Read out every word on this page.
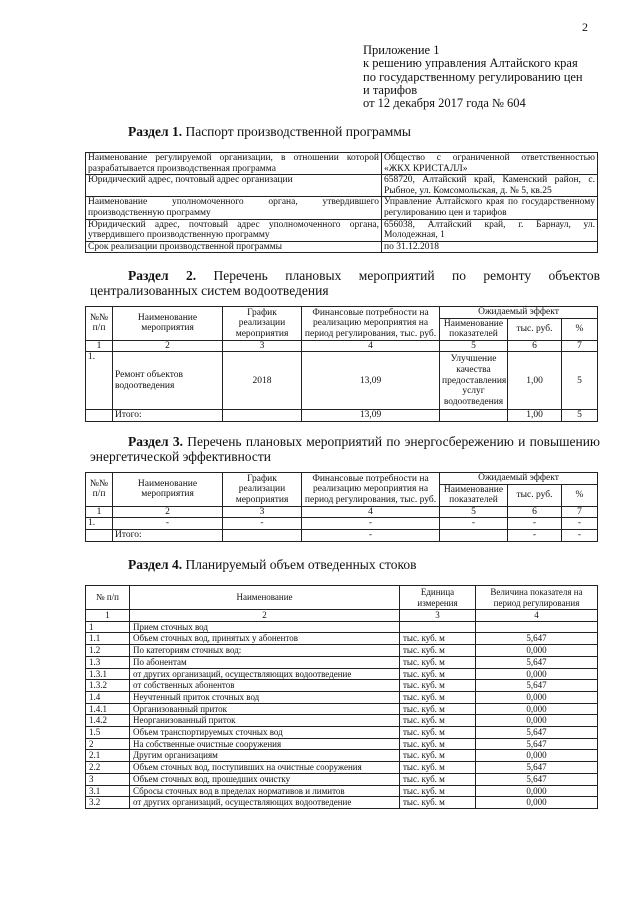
2
Приложение 1
к решению управления Алтайского края
по государственному регулированию цен
и тарифов
от 12 декабря 2017 года № 604
Раздел 1. Паспорт производственной программы
Наименование регулируемой организации, в отношении которой разрабатывается производственная программа	Общество с ограниченной ответственностью «ЖКХ КРИСТАЛЛ»
Юридический адрес, почтовый адрес организации	658720, Алтайский край, Каменский район, с. Рыбное, ул. Комсомольская, д. № 5, кв.25
Наименование уполномоченного органа, утвердившего производственную программу	Управление Алтайского края по государственному регулированию цен и тарифов
Юридический адрес, почтовый адрес уполномоченного органа, утвердившего производственную программу	656038, Алтайский край, г. Барнаул, ул. Молодежная, 1
Срок реализации производственной программы	по 31.12.2018
Раздел 2. Перечень плановых мероприятий по ремонту объектов централизованных систем водоотведения
№№ п/п	Наименование мероприятия	График реализации мероприятия	Финансовые потребности на реализацию мероприятия на период регулирования, тыс. руб.	Ожидаемый эффект		
				Наименование показателей	тыс. руб.	%
1	2	3	4	5	6	7
1.	Ремонт объектов водоотведения	2018	13,09	Улучшение качества предоставления услуг водоотведения	1,00	5
	Итого:		13,09		1,00	5
Раздел 3. Перечень плановых мероприятий по энергосбережению и повышению энергетической эффективности
№№ п/п	Наименование мероприятия	График реализации мероприятия	Финансовые потребности на реализацию мероприятия на период регулирования, тыс. руб.	Ожидаемый эффект		
				Наименование показателей	тыс. руб.	%
1	2	3	4	5	6	7
1.	-	-	-	-	-	-
	Итого:		-		-	-
Раздел 4. Планируемый объем отведенных стоков
№ п/п	Наименование	Единица измерения	Величина показателя на период регулирования
1	2	3	4
1	Прием сточных вод		
1.1	Объем сточных вод, принятых у абонентов	тыс. куб. м	5,647
1.2	По категориям сточных вод:	тыс. куб. м	0,000
1.3	По абонентам	тыс. куб. м	5,647
1.3.1	от других организаций, осуществляющих водоотведение	тыс. куб. м	0,000
1.3.2	от собственных абонентов	тыс. куб. м	5,647
1.4	Неучтенный приток сточных вод	тыс. куб. м	0,000
1.4.1	Организованный приток	тыс. куб. м	0,000
1.4.2	Неорганизованный приток	тыс. куб. м	0,000
1.5	Объем транспортируемых сточных вод	тыс. куб. м	5,647
2	На собственные очистные сооружения	тыс. куб. м	5,647
2.1	Другим организациям	тыс. куб. м	0,000
2.2	Объем сточных вод, поступивших на очистные сооружения	тыс. куб. м	5,647
3	Объем сточных вод, прошедших очистку	тыс. куб. м	5,647
3.1	Сбросы сточных вод в пределах нормативов и лимитов	тыс. куб. м	0,000
3.2	от других организаций, осуществляющих водоотведение	тыс. куб. м	0,000
